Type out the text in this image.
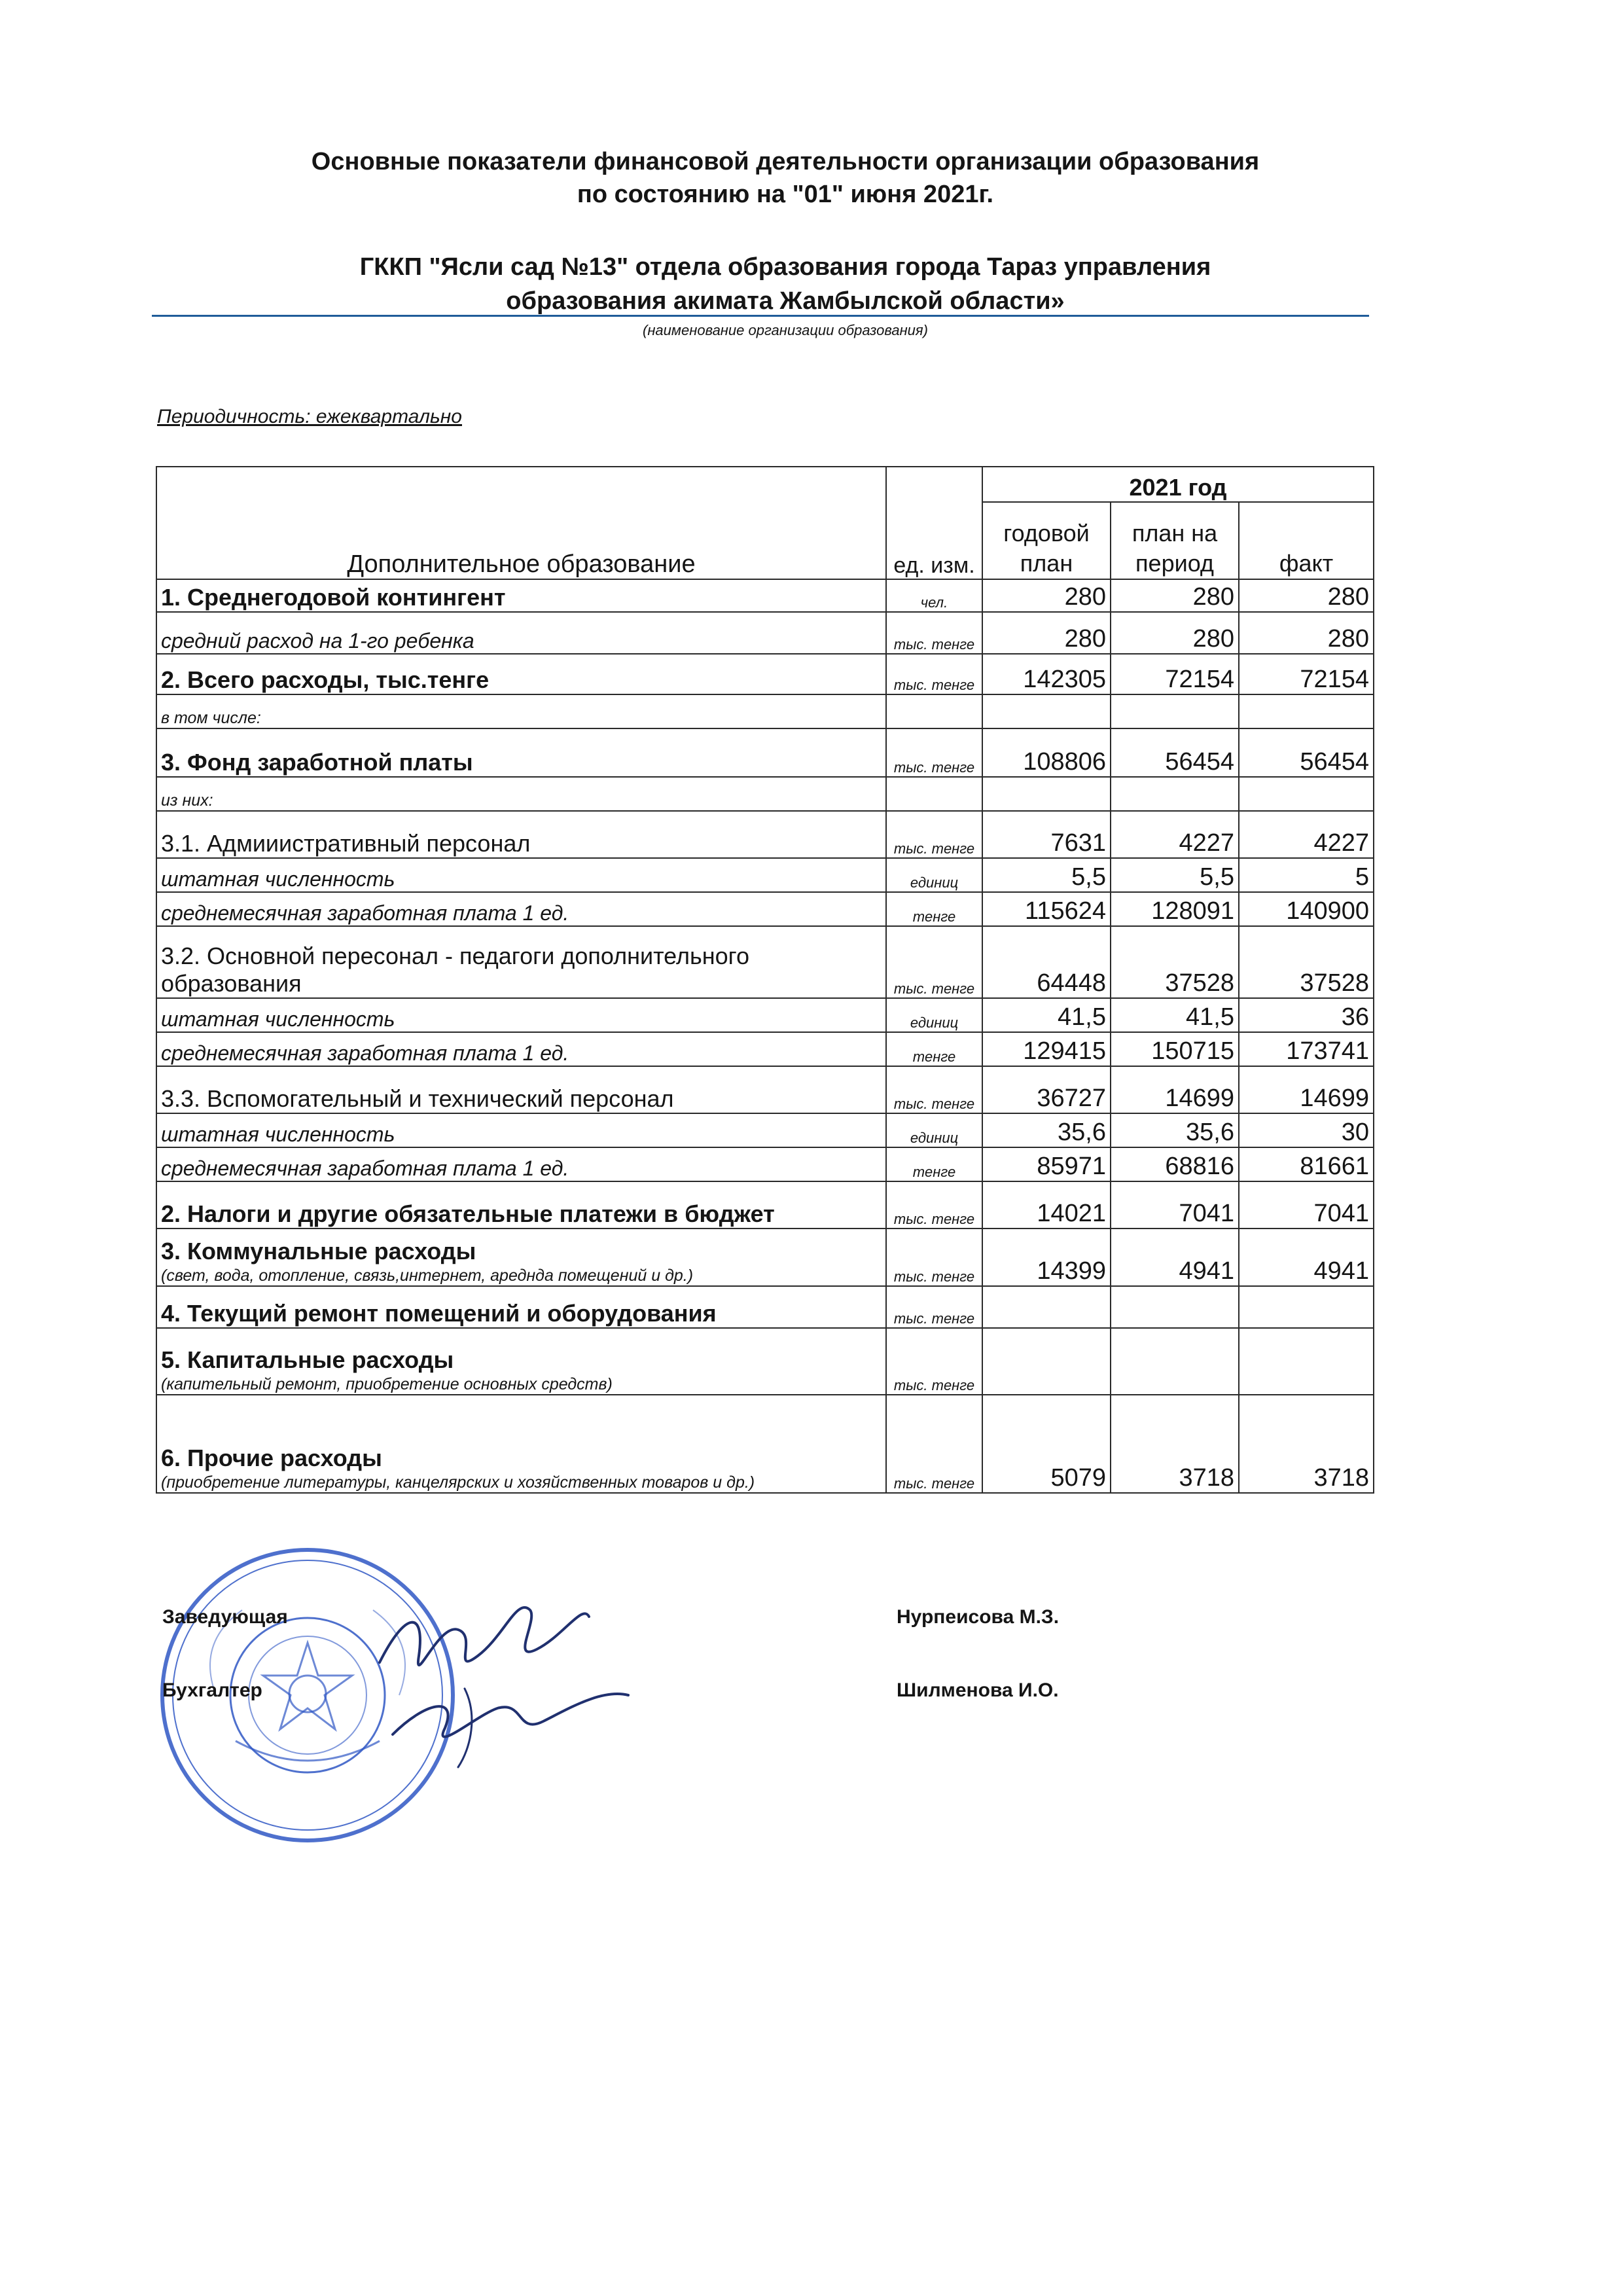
Основные показатели финансовой деятельности организации образования
по состоянию на "01" июня 2021г.
ГККП "Ясли сад №13" отдела образования города Тараз управления
образования акимата Жамбылской области»
(наименование организации образования)
Периодичность: ежеквартально
Дополнительное образование	ед. изм.	2021 год		
		годовой план	план на период	факт
1. Среднегодовой контингент	чел.	280	280	280
средний расход на 1-го ребенка	тыс. тенге	280	280	280
2. Всего расходы, тыс.тенге	тыс. тенге	142305	72154	72154
в том числе:				
3. Фонд заработной платы	тыс. тенге	108806	56454	56454
из них:				
3.1. Адмииистративный персонал	тыс. тенге	7631	4227	4227
штатная численность	единиц	5,5	5,5	5
среднемесячная заработная плата 1 ед.	тенге	115624	128091	140900
3.2. Основной пересонал - педагоги дополнительного образования	тыс. тенге	64448	37528	37528
штатная численность	единиц	41,5	41,5	36
среднемесячная заработная плата 1 ед.	тенге	129415	150715	173741
3.3. Вспомогательный и технический персонал	тыс. тенге	36727	14699	14699
штатная численность	единиц	35,6	35,6	30
среднемесячная заработная плата 1 ед.	тенге	85971	68816	81661
2. Налоги и другие обязательные платежи в бюджет	тыс. тенге	14021	7041	7041
3. Коммунальные расходы
(свет, вода, отопление, связь,интернет, ареднда помещений и др.)	тыс. тенге	14399	4941	4941
4. Текущий ремонт помещений и оборудования	тыс. тенге			
5. Капитальные расходы
(капительный ремонт, приобретение основных средств)	тыс. тенге			
6. Прочие расходы
(приобретение литературы, канцелярских и хозяйственных товаров и др.)	тыс. тенге	5079	3718	3718
Заведующая	Нурпеисова М.З.
Бухгалтер	Шилменова И.О.
